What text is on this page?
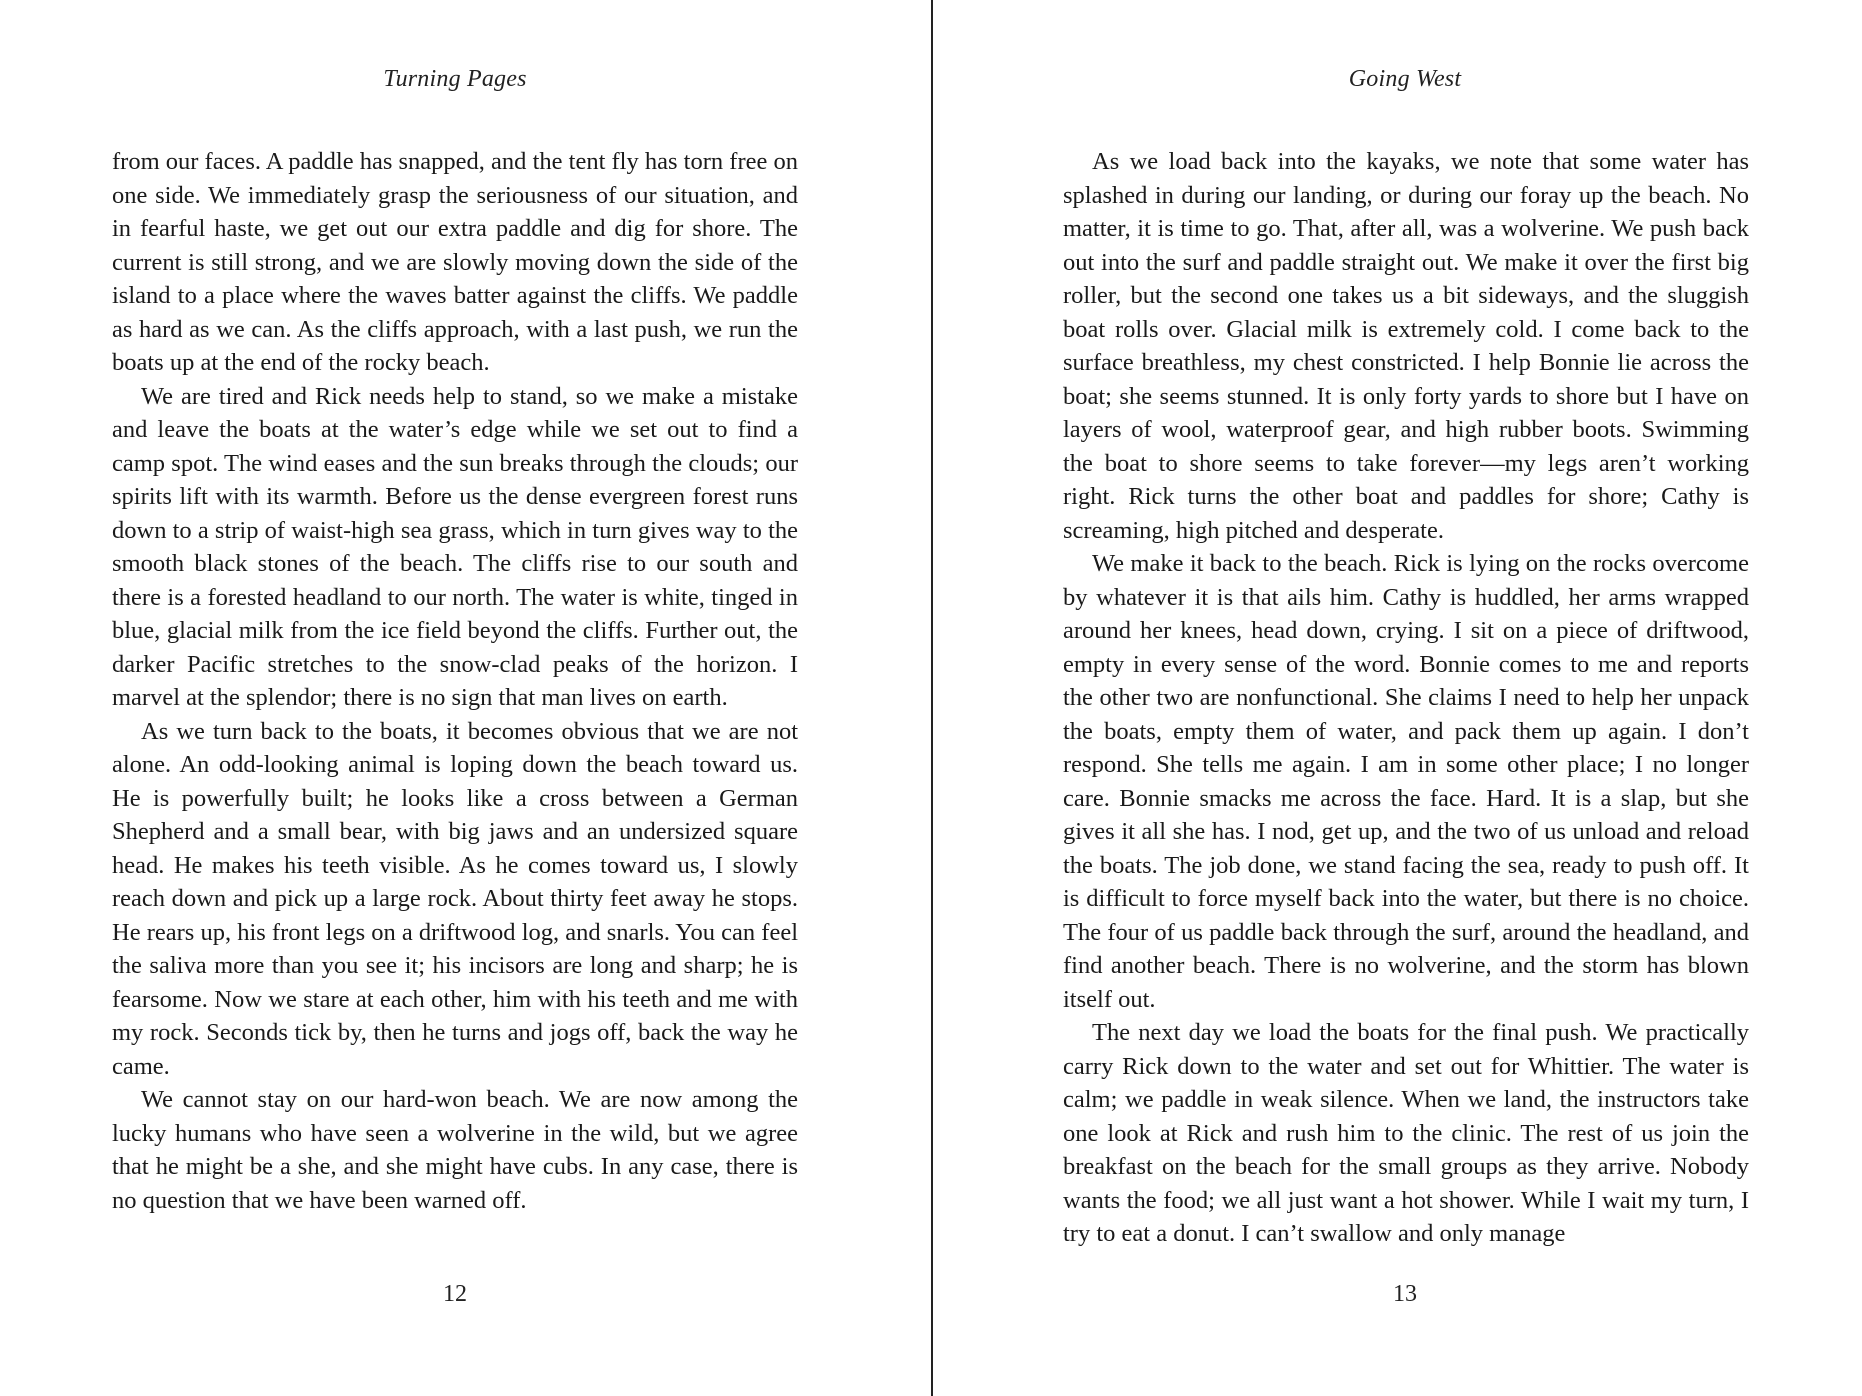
Turning Pages

from our faces. A paddle has snapped, and the tent fly has torn free on one side. We immediately grasp the seriousness of our situation, and in fearful haste, we get out our extra paddle and dig for shore. The current is still strong, and we are slowly moving down the side of the island to a place where the waves batter against the cliffs. We paddle as hard as we can. As the cliffs approach, with a last push, we run the boats up at the end of the rocky beach.

We are tired and Rick needs help to stand, so we make a mistake and leave the boats at the water’s edge while we set out to find a camp spot. The wind eases and the sun breaks through the clouds; our spirits lift with its warmth. Before us the dense evergreen forest runs down to a strip of waist-high sea grass, which in turn gives way to the smooth black stones of the beach. The cliffs rise to our south and there is a forested headland to our north. The water is white, tinged in blue, glacial milk from the ice field beyond the cliffs. Further out, the darker Pacific stretches to the snow-clad peaks of the horizon. I marvel at the splendor; there is no sign that man lives on earth.

As we turn back to the boats, it becomes obvious that we are not alone. An odd-looking animal is loping down the beach toward us. He is powerfully built; he looks like a cross between a German Shepherd and a small bear, with big jaws and an undersized square head. He makes his teeth visible. As he comes toward us, I slowly reach down and pick up a large rock. About thirty feet away he stops. He rears up, his front legs on a driftwood log, and snarls. You can feel the saliva more than you see it; his incisors are long and sharp; he is fearsome. Now we stare at each other, him with his teeth and me with my rock. Seconds tick by, then he turns and jogs off, back the way he came.

We cannot stay on our hard-won beach. We are now among the lucky humans who have seen a wolverine in the wild, but we agree that he might be a she, and she might have cubs. In any case, there is no question that we have been warned off.

12
Going West

As we load back into the kayaks, we note that some water has splashed in during our landing, or during our foray up the beach. No matter, it is time to go. That, after all, was a wolverine. We push back out into the surf and paddle straight out. We make it over the first big roller, but the second one takes us a bit sideways, and the sluggish boat rolls over. Glacial milk is extremely cold. I come back to the surface breathless, my chest constricted. I help Bonnie lie across the boat; she seems stunned. It is only forty yards to shore but I have on layers of wool, waterproof gear, and high rubber boots. Swimming the boat to shore seems to take forever—my legs aren’t working right. Rick turns the other boat and paddles for shore; Cathy is screaming, high pitched and desperate.

We make it back to the beach. Rick is lying on the rocks overcome by whatever it is that ails him. Cathy is huddled, her arms wrapped around her knees, head down, crying. I sit on a piece of driftwood, empty in every sense of the word. Bonnie comes to me and reports the other two are nonfunctional. She claims I need to help her unpack the boats, empty them of water, and pack them up again. I don’t respond. She tells me again. I am in some other place; I no longer care. Bonnie smacks me across the face. Hard. It is a slap, but she gives it all she has. I nod, get up, and the two of us unload and reload the boats. The job done, we stand facing the sea, ready to push off. It is difficult to force myself back into the water, but there is no choice. The four of us paddle back through the surf, around the headland, and find another beach. There is no wolverine, and the storm has blown itself out.

The next day we load the boats for the final push. We practically carry Rick down to the water and set out for Whittier. The water is calm; we paddle in weak silence. When we land, the instructors take one look at Rick and rush him to the clinic. The rest of us join the breakfast on the beach for the small groups as they arrive. Nobody wants the food; we all just want a hot shower. While I wait my turn, I try to eat a donut. I can’t swallow and only manage

13
